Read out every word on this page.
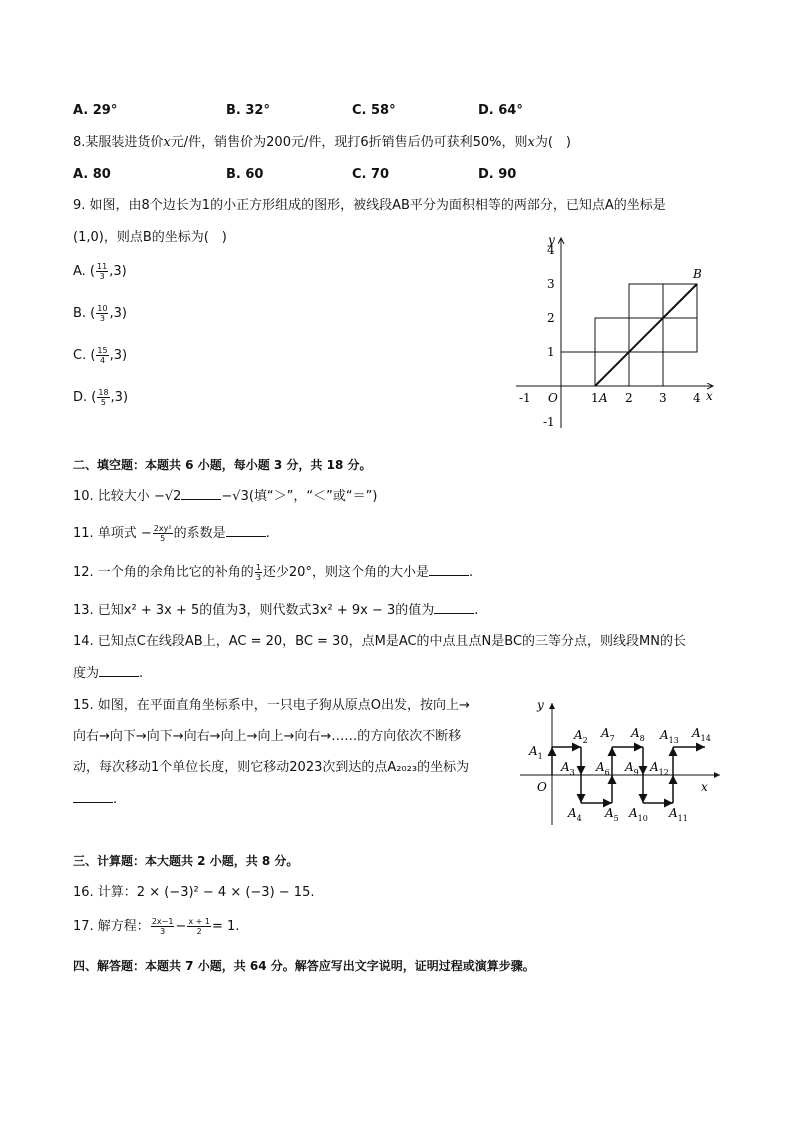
A. 29°	B. 32°	C. 58°	D. 64°
8.某服装进货价x元/件，销售价为200元/件，现打6折销售后仍可获利50%，则x为(　)
A. 80	B. 60	C. 70	D. 90
9. 如图，由8个边长为1的小正方形组成的图形，被线段AB平分为面积相等的两部分，已知点A的坐标是
(1,0)，则点B的坐标为(　)
A. ( $\frac{11}{3} ,3$)
B. ( $\frac{10}{3} ,3$)
C. ( $\frac{15}{4} ,3$)
D. ( $\frac{18}{5} ,3$)
y
x
O	A
B
-1	1 2 3 4
4
3
2
1
-1
二、填空题：本题共 6 小题，每小题 3 分，共 18 分。
10. 比较大小 −√2	−√3(填“＞”，“＜”或“＝”)
11. 单项式 − $\frac{\text{2xy²}}{5}$ 的系数是	.
12. 一个角的余角比它的补角的 $\frac{1}{3}$ 还少20°，则这个角的大小是	.
13. 已知x² + 3x + 5的值为3，则代数式3x² + 9x − 3的值为	.
14. 已知点C在线段AB上，AC = 20，BC = 30，点M是AC的中点且点N是BC的三等分点，则线段MN的长
度为	.
15. 如图，在平面直角坐标系中，一只电子狗从原点O出发，按向上→
向右→向下→向下→向右→向上→向上→向右→……的方向依次不断移
动，每次移动1个单位长度，则它移动2023次到达的点A₂₀₂₃的坐标为
.
y
x
O
$A_1$
$A_2$
$A_3$
$A_4$ $A_5$
$A_6$
$A_7$ $A_8$
$A_9$
$A_{10}$ $A_{11}$
$A_{12}$
$A_{13}$
$A_{14}$
三、计算题：本大题共 2 小题，共 8 分。
16. 计算：2 × (−3)² − 4 × (−3) − 15.
17. 解方程： $\frac{2x-1}{3} - \frac{x + 1}{2} = 1$.
四、解答题：本题共 7 小题，共 64 分。解答应写出文字说明，证明过程或演算步骤。
